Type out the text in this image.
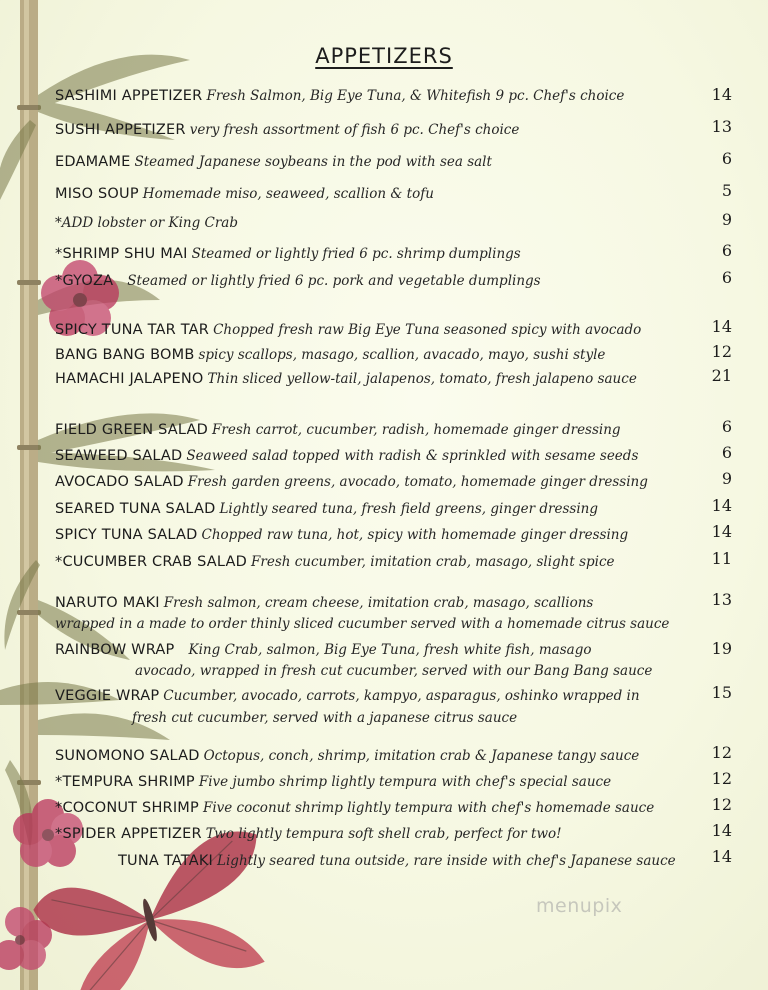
APPETIZERS
SASHIMI APPETIZER Fresh Salmon, Big Eye Tuna, & Whitefish 9 pc. Chef's choice	14
SUSHI APPETIZER very fresh assortment of fish 6 pc. Chef's choice	13
EDAMAME Steamed Japanese soybeans in the pod with sea salt	6
MISO SOUP Homemade miso, seaweed, scallion & tofu	5
*ADD lobster or King Crab	9
*SHRIMP SHU MAI Steamed or lightly fried 6 pc. shrimp dumplings	6
*GYOZA Steamed or lightly fried 6 pc. pork and vegetable dumplings	6
SPICY TUNA TAR TAR Chopped fresh raw Big Eye Tuna seasoned spicy with avocado	14
BANG BANG BOMB spicy scallops, masago, scallion, avacado, mayo, sushi style	12
HAMACHI JALAPENO Thin sliced yellow-tail, jalapenos, tomato, fresh jalapeno sauce	21
FIELD GREEN SALAD Fresh carrot, cucumber, radish, homemade ginger dressing	6
SEAWEED SALAD Seaweed salad topped with radish & sprinkled with sesame seeds	6
AVOCADO SALAD Fresh garden greens, avocado, tomato, homemade ginger dressing	9
SEARED TUNA SALAD Lightly seared tuna, fresh field greens, ginger dressing	14
SPICY TUNA SALAD Chopped raw tuna, hot, spicy with homemade ginger dressing	14
*CUCUMBER CRAB SALAD Fresh cucumber, imitation crab, masago, slight spice	11
NARUTO MAKI Fresh salmon, cream cheese, imitation crab, masago, scallions	13
wrapped in a made to order thinly sliced cucumber served with a homemade citrus sauce
RAINBOW WRAP King Crab, salmon, Big Eye Tuna, fresh white fish, masago	19
avocado, wrapped in fresh cut cucumber, served with our Bang Bang sauce
VEGGIE WRAP Cucumber, avocado, carrots, kampyo, asparagus, oshinko wrapped in	15
fresh cut cucumber, served with a japanese citrus sauce
SUNOMONO SALAD Octopus, conch, shrimp, imitation crab & Japanese tangy sauce	12
*TEMPURA SHRIMP Five jumbo shrimp lightly tempura with chef's special sauce	12
*COCONUT SHRIMP Five coconut shrimp lightly tempura with chef's homemade sauce	12
*SPIDER APPETIZER Two lightly tempura soft shell crab, perfect for two!	14
TUNA TATAKI Lightly seared tuna outside, rare inside with chef's Japanese sauce	14
menupix
